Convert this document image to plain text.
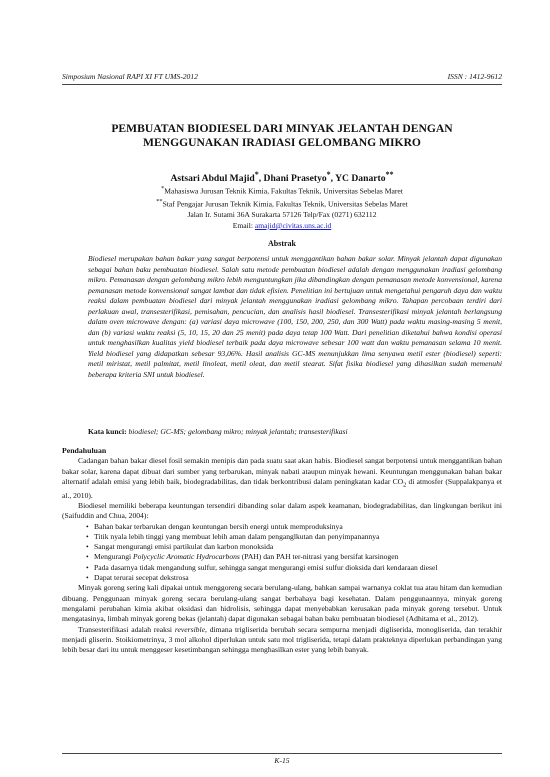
Simposium Nasional RAPI XI FT UMS-2012	ISSN : 1412-9612
PEMBUATAN BIODIESEL DARI MINYAK JELANTAH DENGAN
MENGGUNAKAN IRADIASI GELOMBANG MIKRO
Astsari Abdul Majid*, Dhani Prasetyo*, YC Danarto**
*Mahasiswa Jurusan Teknik Kimia, Fakultas Teknik, Universitas Sebelas Maret
**Staf Pengajar Jurusan Teknik Kimia, Fakultas Teknik, Universitas Sebelas Maret
Jalan Ir. Sutami 36A Surakarta 57126 Telp/Fax (0271) 632112
Email: amajid@civitas.uns.ac.id
Abstrak
Biodiesel merupakan bahan bakar yang sangat berpotensi untuk menggantikan bahan bakar solar. Minyak jelantah dapat digunakan sebagai bahan baku pembuatan biodiesel. Salah satu metode pembuatan biodiesel adalah dengan menggunakan iradiasi gelombang mikro. Pemanasan dengan gelombang mikro lebih menguntungkan jika dibandingkan dengan pemanasan metode konvensional, karena pemanasan metode konvensional sangat lambat dan tidak efisien. Penelitian ini bertujuan untuk mengetahui pengaruh daya dan waktu reaksi dalam pembuatan biodiesel dari minyak jelantah menggunakan iradiasi gelombang mikro. Tahapan percobaan terdiri dari perlakuan awal, transesterifikasi, pemisahan, pencucian, dan analisis hasil biodiesel. Transesterifikasi minyak jelantah berlangsung dalam oven microwave dengan: (a) variasi daya microwave (100, 150, 200, 250, dan 300 Watt) pada waktu masing-masing 5 menit, dan (b) variasi waktu reaksi (5, 10, 15, 20 dan 25 menit) pada daya tetap 100 Watt. Dari penelitian diketahui bahwa kondisi operasi untuk menghasilkan kualitas yield biodiesel terbaik pada daya microwave sebesar 100 watt dan waktu pemanasan selama 10 menit. Yield biodiesel yang didapatkan sebesar 93,06%. Hasil analisis GC-MS menunjukkan lima senyawa metil ester (biodiesel) seperti: metil miristat, metil palmitat, metil linoleat, metil oleat, dan metil stearat. Sifat fisika biodiesel yang dihasilkan sudah memenuhi beberapa kriteria SNI untuk biodiesel.
Kata kunci: biodiesel; GC-MS; gelombang mikro; minyak jelantah; transesterifikasi
Pendahuluan

Cadangan bahan bakar diesel fosil semakin menipis dan pada suatu saat akan habis. Biodiesel sangat berpotensi untuk menggantikan bahan bakar solar, karena dapat dibuat dari sumber yang terbarukan, minyak nabati ataupun minyak hewani. Keuntungan menggunakan bahan bakar alternatif adalah emisi yang lebih baik, biodegradabilitas, dan tidak berkontribusi dalam peningkatan kadar $CO_2$ di atmosfer (Suppalakpanya et al., 2010).

Biodiesel memiliki beberapa keuntungan tersendiri dibanding solar dalam aspek keamanan, biodegradabilitas, dan lingkungan berikut ini (Saifuddin and Chua, 2004):

• Bahan bakar terbarukan dengan keuntungan bersih energi untuk memproduksinya
• Titik nyala lebih tinggi yang membuat lebih aman dalam penganglkutan dan penyimpanannya
• Sangat mengurangi emisi partikulat dan karbon monoksida
• Mengurangi Polycyclic Aromatic Hydrocarbons (PAH) dan PAH ter-nitrasi yang bersifat karsinogen
• Pada dasarnya tidak mengandung sulfur, sehingga sangat mengurangi emisi sulfur dioksida dari kendaraan diesel
• Dapat terurai secepat dekstrosa

Minyak goreng sering kali dipakai untuk menggoreng secara berulang-ulang, bahkan sampai warnanya coklat tua atau hitam dan kemudian dibuang. Penggunaan minyak goreng secara berulang-ulang sangat berbahaya bagi kesehatan. Dalam penggunaannya, minyak goreng mengalami perubahan kimia akibat oksidasi dan hidrolisis, sehingga dapat menyebabkan kerusakan pada minyak goreng tersebut. Untuk mengatasinya, limbah minyak goreng bekas (jelantah) dapat digunakan sebagai bahan baku pembuatan biodiesel (Adhitama et al., 2012).

Transesterifikasi adalah reaksi reversible, dimana trigliserida berubah secara sempurna menjadi digliserida, monogliserida, dan terakhir menjadi gliserin. Stoikiometrinya, 3 mol alkohol diperlukan untuk satu mol trigliserida, tetapi dalam prakteknya diperlukan perbandingan yang lebih besar dari itu untuk menggeser kesetimbangan sehingga menghasilkan ester yang lebih banyak.

K-15
